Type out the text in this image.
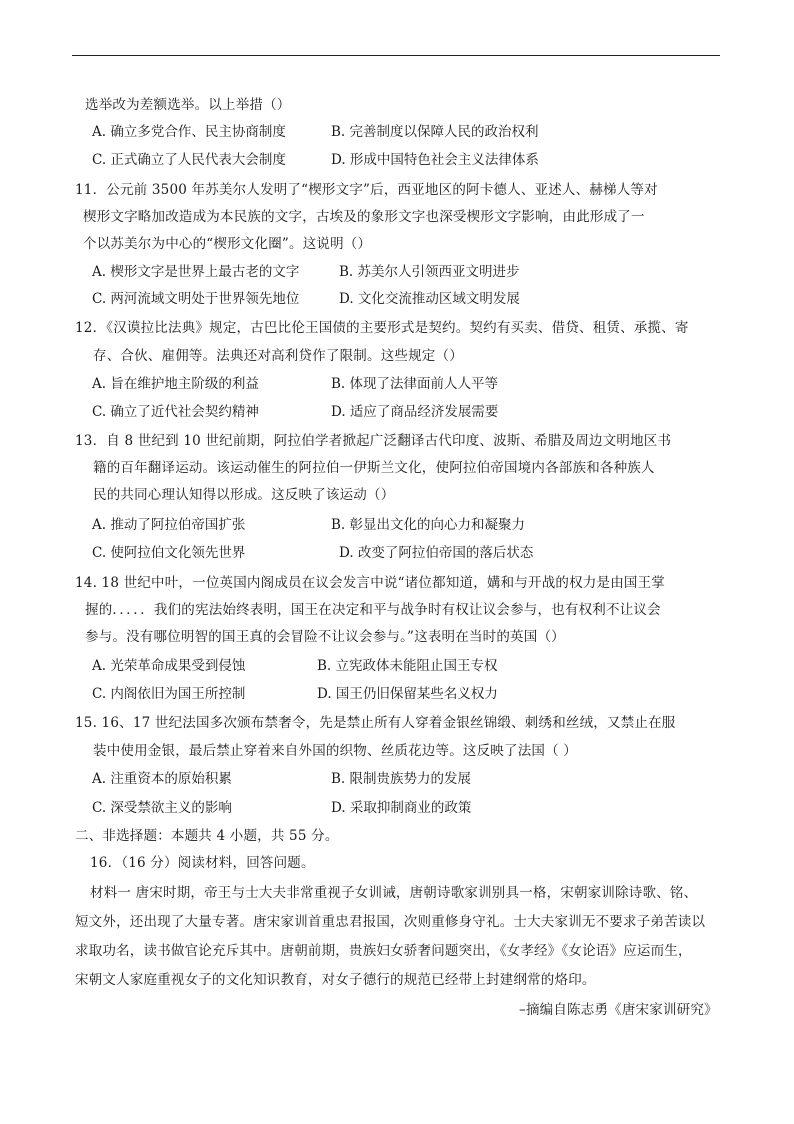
选举改为差额选举。以上举措（）
A. 确立多党合作、民主协商制度	B. 完善制度以保障人民的政治权利
C. 正式确立了人民代表大会制度	D. 形成中国特色社会主义法律体系
11．公元前 3500 年苏美尔人发明了“楔形文字”后，西亚地区的阿卡德人、亚述人、赫梯人等对
楔形文字略加改造成为本民族的文字，古埃及的象形文字也深受楔形文字影响，由此形成了一
个以苏美尔为中心的“楔形文化圈”。这说明（）
A. 楔形文字是世界上最古老的文字	B. 苏美尔人引领西亚文明进步
C. 两河流域文明处于世界领先地位	D. 文化交流推动区域文明发展
12．《汉谟拉比法典》规定，古巴比伦王国债的主要形式是契约。契约有买卖、借贷、租赁、承揽、寄
存、合伙、雇佣等。法典还对高利贷作了限制。这些规定（）
A. 旨在维护地主阶级的利益	B. 体现了法律面前人人平等
C. 确立了近代社会契约精神	D. 适应了商品经济发展需要
13．自 8 世纪到 10 世纪前期，阿拉伯学者掀起广泛翻译古代印度、波斯、希腊及周边文明地区书
籍的百年翻译运动。该运动催生的阿拉伯一伊斯兰文化，使阿拉伯帝国境内各部族和各种族人
民的共同心理认知得以形成。这反映了该运动（）
A. 推动了阿拉伯帝国扩张	B. 彰显出文化的向心力和凝聚力
C. 使阿拉伯文化领先世界	D. 改变了阿拉伯帝国的落后状态
14. 18 世纪中叶，一位英国内阁成员在议会发言中说“诸位都知道，媾和与开战的权力是由国王掌
握的．．．．．我们的宪法始终表明，国王在决定和平与战争时有权让议会参与，也有权利不让议会
参与。没有哪位明智的国王真的会冒险不让议会参与。”这表明在当时的英国（）
A. 光荣革命成果受到侵蚀	B. 立宪政体未能阻止国王专权
C. 内阁依旧为国王所控制	D. 国王仍旧保留某些名义权力
15. 16、17 世纪法国多次颁布禁奢令，先是禁止所有人穿着金银丝锦缎、刺绣和丝绒，又禁止在服
装中使用金银，最后禁止穿着来自外国的织物、丝质花边等。这反映了法国（ ）
A. 注重资本的原始积累	B. 限制贵族势力的发展
C. 深受禁欲主义的影响	D. 采取抑制商业的政策
二、非选择题：本题共 4 小题，共 55 分。
16．（16 分）阅读材料，回答问题。
材料一 唐宋时期，帝王与士大夫非常重视子女训诫，唐朝诗歌家训别具一格，宋朝家训除诗歌、铭、
短文外，还出现了大量专著。唐宋家训首重忠君报国，次则重修身守礼。士大夫家训无不要求子弟苦读以
求取功名，读书做官论充斥其中。唐朝前期，贵族妇女骄奢问题突出，《女孝经》《女论语》应运而生，
宋朝文人家庭重视女子的文化知识教育，对女子德行的规范已经带上封建纲常的烙印。
–摘编自陈志勇《唐宋家训研究》
